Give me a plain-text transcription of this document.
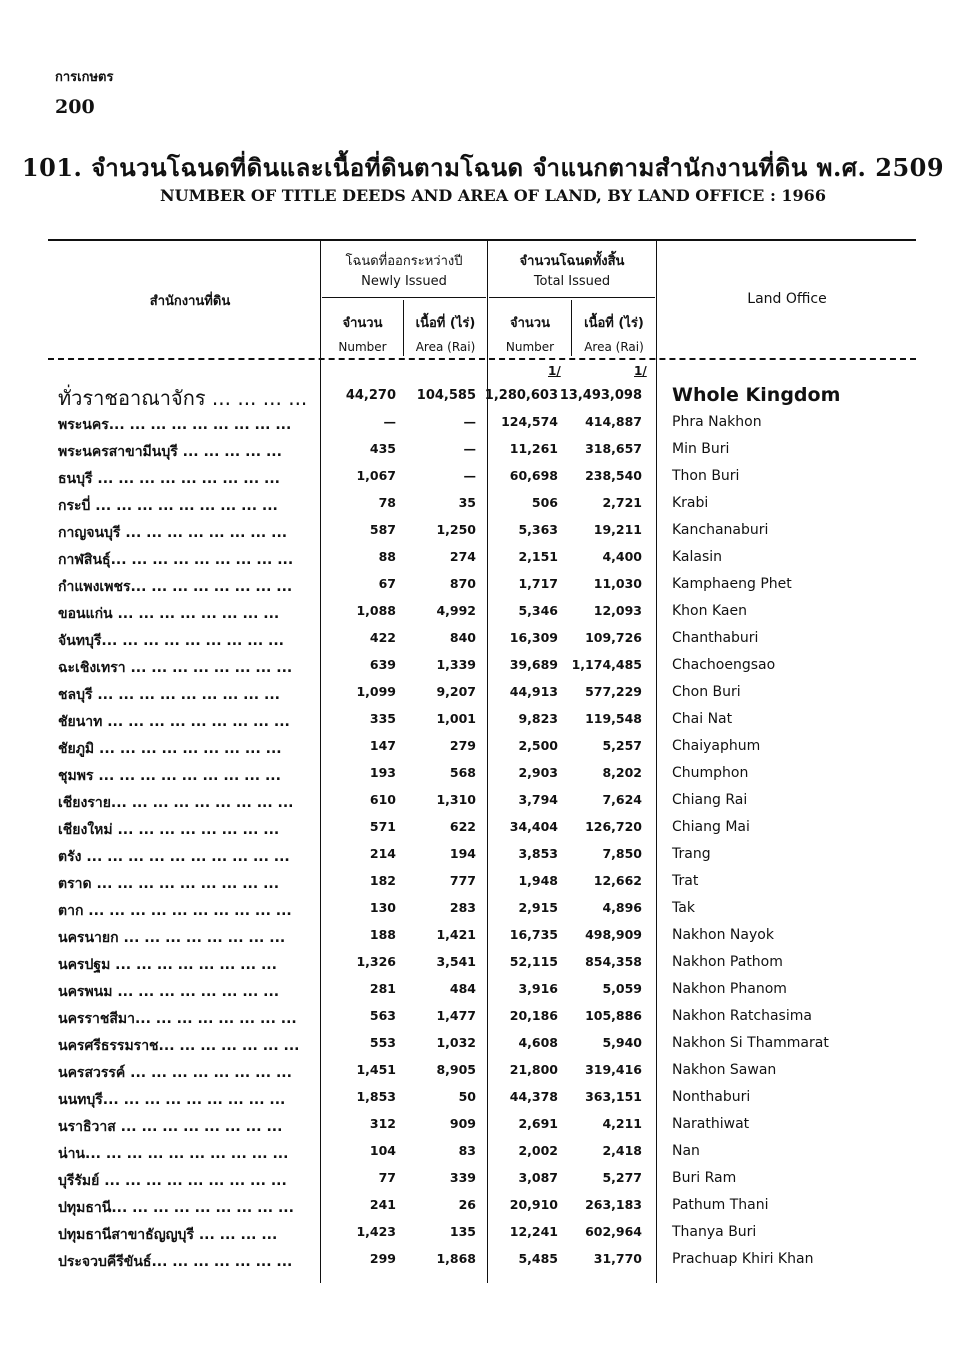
การเกษตร
200
101. จำนวนโฉนดที่ดินและเนื้อที่ดินตามโฉนด จำแนกตามสำนักงานที่ดิน พ.ศ. 2509
NUMBER OF TITLE DEEDS AND AREA OF LAND, BY LAND OFFICE : 1966
สำนักงานที่ดิน
โฉนดที่ออกระหว่างปี
Newly Issued
จำนวนโฉนดทั้งสิ้น
Total Issued
จำนวน	เนื้อที่ (ไร่)	จำนวน	เนื้อที่ (ไร่)
Number	Area (Rai)	Number	Area (Rai)
Land Office
1/	1/
ทั่วราชอาณาจักร ... ... ... ...	44,270 104,585 1,280,603 13,493,098 Whole Kingdom
พระนคร... ... ... ... ... ... ... ... ...	—	— 124,574 414,887 Phra Nakhon
พระนครสาขามีนบุรี ... ... ... ... ...	435	—	11,261 318,657 Min Buri
ธนบุรี ... ... ... ... ... ... ... ... ...	1,067	—	60,698 238,540 Thon Buri
กระบี่ ... ... ... ... ... ... ... ... ...	78	35	506	2,721 Krabi
กาญจนบุรี ... ... ... ... ... ... ... ...	587	1,250	5,363	19,211 Kanchanaburi
กาฬสินธุ์... ... ... ... ... ... ... ... ...	88	274	2,151	4,400 Kalasin
กำแพงเพชร... ... ... ... ... ... ... ...	67	870	1,717	11,030 Kamphaeng Phet
ขอนแก่น ... ... ... ... ... ... ... ...	1,088	4,992	5,346	12,093 Khon Kaen
จันทบุรี... ... ... ... ... ... ... ... ...	422	840	16,309 109,726 Chanthaburi
ฉะเชิงเทรา ... ... ... ... ... ... ... ...	639	1,339	39,689 1,174,485 Chachoengsao
ชลบุรี ... ... ... ... ... ... ... ... ...	1,099	9,207	44,913 577,229 Chon Buri
ชัยนาท ... ... ... ... ... ... ... ... ...	335	1,001	9,823 119,548 Chai Nat
ชัยภูมิ ... ... ... ... ... ... ... ... ...	147	279	2,500	5,257 Chaiyaphum
ชุมพร ... ... ... ... ... ... ... ... ...	193	568	2,903	8,202 Chumphon
เชียงราย... ... ... ... ... ... ... ... ...	610	1,310	3,794	7,624 Chiang Rai
เชียงใหม่ ... ... ... ... ... ... ... ...	571	622	34,404 126,720 Chiang Mai
ตรัง ... ... ... ... ... ... ... ... ... ...	214	194	3,853	7,850 Trang
ตราด ... ... ... ... ... ... ... ... ...	182	777	1,948	12,662 Trat
ตาก ... ... ... ... ... ... ... ... ... ...	130	283	2,915	4,896 Tak
นครนายก ... ... ... ... ... ... ... ...	188	1,421	16,735 498,909 Nakhon Nayok
นครปฐม ... ... ... ... ... ... ... ...	1,326	3,541	52,115 854,358 Nakhon Pathom
นครพนม ... ... ... ... ... ... ... ...	281	484	3,916	5,059 Nakhon Phanom
นครราชสีมา... ... ... ... ... ... ... ...	563	1,477	20,186 105,886 Nakhon Ratchasima
นครศรีธรรมราช... ... ... ... ... ... ...	553	1,032	4,608	5,940 Nakhon Si Thammarat
นครสวรรค์ ... ... ... ... ... ... ... ...	1,451	8,905	21,800 319,416 Nakhon Sawan
นนทบุรี... ... ... ... ... ... ... ... ...	1,853	50	44,378 363,151 Nonthaburi
นราธิวาส ... ... ... ... ... ... ... ...	312	909	2,691	4,211 Narathiwat
น่าน... ... ... ... ... ... ... ... ... ...	104	83	2,002	2,418 Nan
บุรีรัมย์ ... ... ... ... ... ... ... ... ...	77	339	3,087	5,277 Buri Ram
ปทุมธานี... ... ... ... ... ... ... ... ...	241	26	20,910 263,183 Pathum Thani
ปทุมธานีสาขาธัญญบุรี ... ... ... ...	1,423	135	12,241 602,964 Thanya Buri
ประจวบคีรีขันธ์... ... ... ... ... ... ...	299	1,868	5,485	31,770 Prachuap Khiri Khan
